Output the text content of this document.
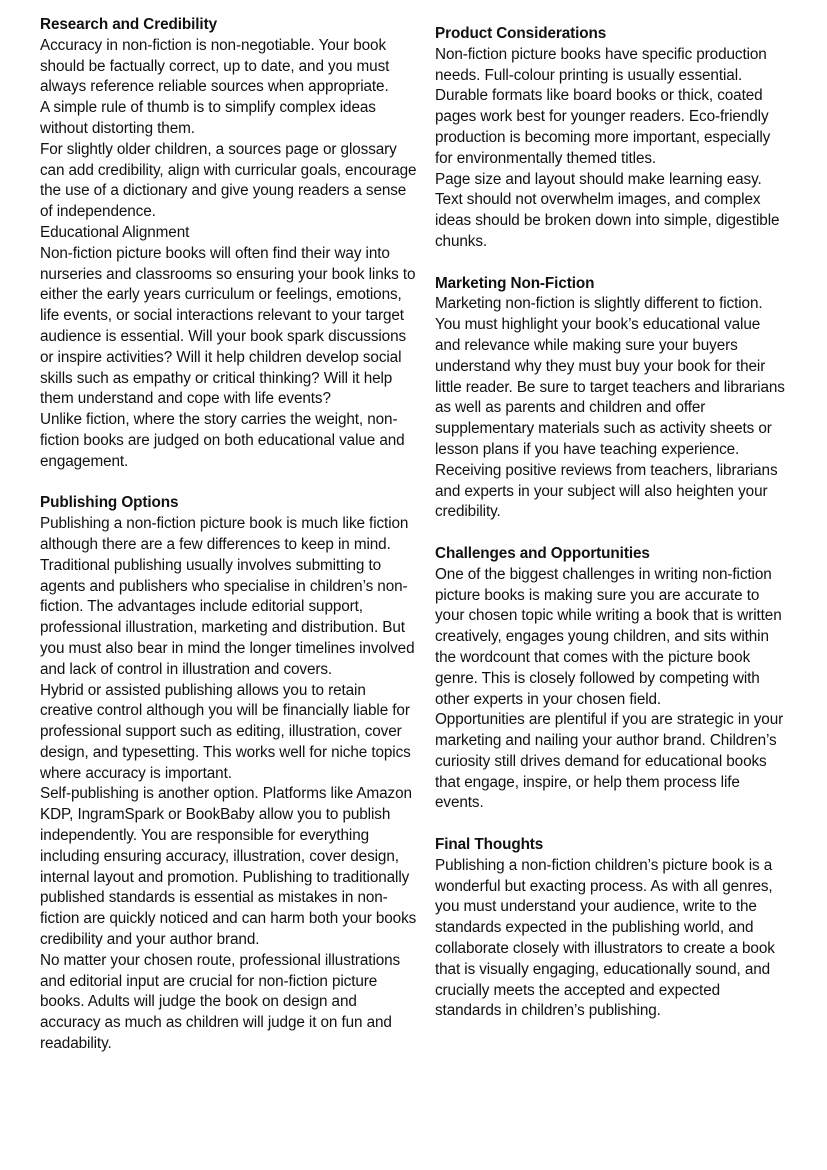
Research and Credibility

Accuracy in non-fiction is non-negotiable. Your book should be factually correct, up to date, and you must always reference reliable sources when appropriate.

A simple rule of thumb is to simplify complex ideas without distorting them.

For slightly older children, a sources page or glossary can add credibility, align with curricular goals, encourage the use of a dictionary and give young readers a sense of independence.

Educational Alignment

Non-fiction picture books will often find their way into nurseries and classrooms so ensuring your book links to either the early years curriculum or feelings, emotions, life events, or social interactions relevant to your target audience is essential. Will your book spark discussions or inspire activities? Will it help children develop social skills such as empathy or critical thinking? Will it help them understand and cope with life events?

Unlike fiction, where the story carries the weight, non-fiction books are judged on both educational value and engagement.

Publishing Options

Publishing a non-fiction picture book is much like fiction although there are a few differences to keep in mind.

Traditional publishing usually involves submitting to agents and publishers who specialise in children’s non-fiction. The advantages include editorial support, professional illustration, marketing and distribution. But you must also bear in mind the longer timelines involved and lack of control in illustration and covers.

Hybrid or assisted publishing allows you to retain creative control although you will be financially liable for professional support such as editing, illustration, cover design, and typesetting. This works well for niche topics where accuracy is important.

Self-publishing is another option. Platforms like Amazon KDP, IngramSpark or BookBaby allow you to publish independently. You are responsible for everything including ensuring accuracy, illustration, cover design, internal layout and promotion. Publishing to traditionally published standards is essential as mistakes in non-fiction are quickly noticed and can harm both your books credibility and your author brand.

No matter your chosen route, professional illustrations and editorial input are crucial for non-fiction picture books. Adults will judge the book on design and accuracy as much as children will judge it on fun and readability.

Product Considerations

Non-fiction picture books have specific production needs. Full-colour printing is usually essential. Durable formats like board books or thick, coated pages work best for younger readers. Eco-friendly production is becoming more important, especially for environmentally themed titles.

Page size and layout should make learning easy. Text should not overwhelm images, and complex ideas should be broken down into simple, digestible chunks.

Marketing Non-Fiction

Marketing non-fiction is slightly different to fiction. You must highlight your book’s educational value and relevance while making sure your buyers understand why they must buy your book for their little reader. Be sure to target teachers and librarians as well as parents and children and offer supplementary materials such as activity sheets or lesson plans if you have teaching experience.

Receiving positive reviews from teachers, librarians and experts in your subject will also heighten your credibility.

Challenges and Opportunities

One of the biggest challenges in writing non-fiction picture books is making sure you are accurate to your chosen topic while writing a book that is written creatively, engages young children, and sits within the wordcount that comes with the picture book genre. This is closely followed by competing with other experts in your chosen field.

Opportunities are plentiful if you are strategic in your marketing and nailing your author brand. Children’s curiosity still drives demand for educational books that engage, inspire, or help them process life events.

Final Thoughts

Publishing a non-fiction children’s picture book is a wonderful but exacting process. As with all genres, you must understand your audience, write to the standards expected in the publishing world, and collaborate closely with illustrators to create a book that is visually engaging, educationally sound, and crucially meets the accepted and expected standards in children’s publishing.
